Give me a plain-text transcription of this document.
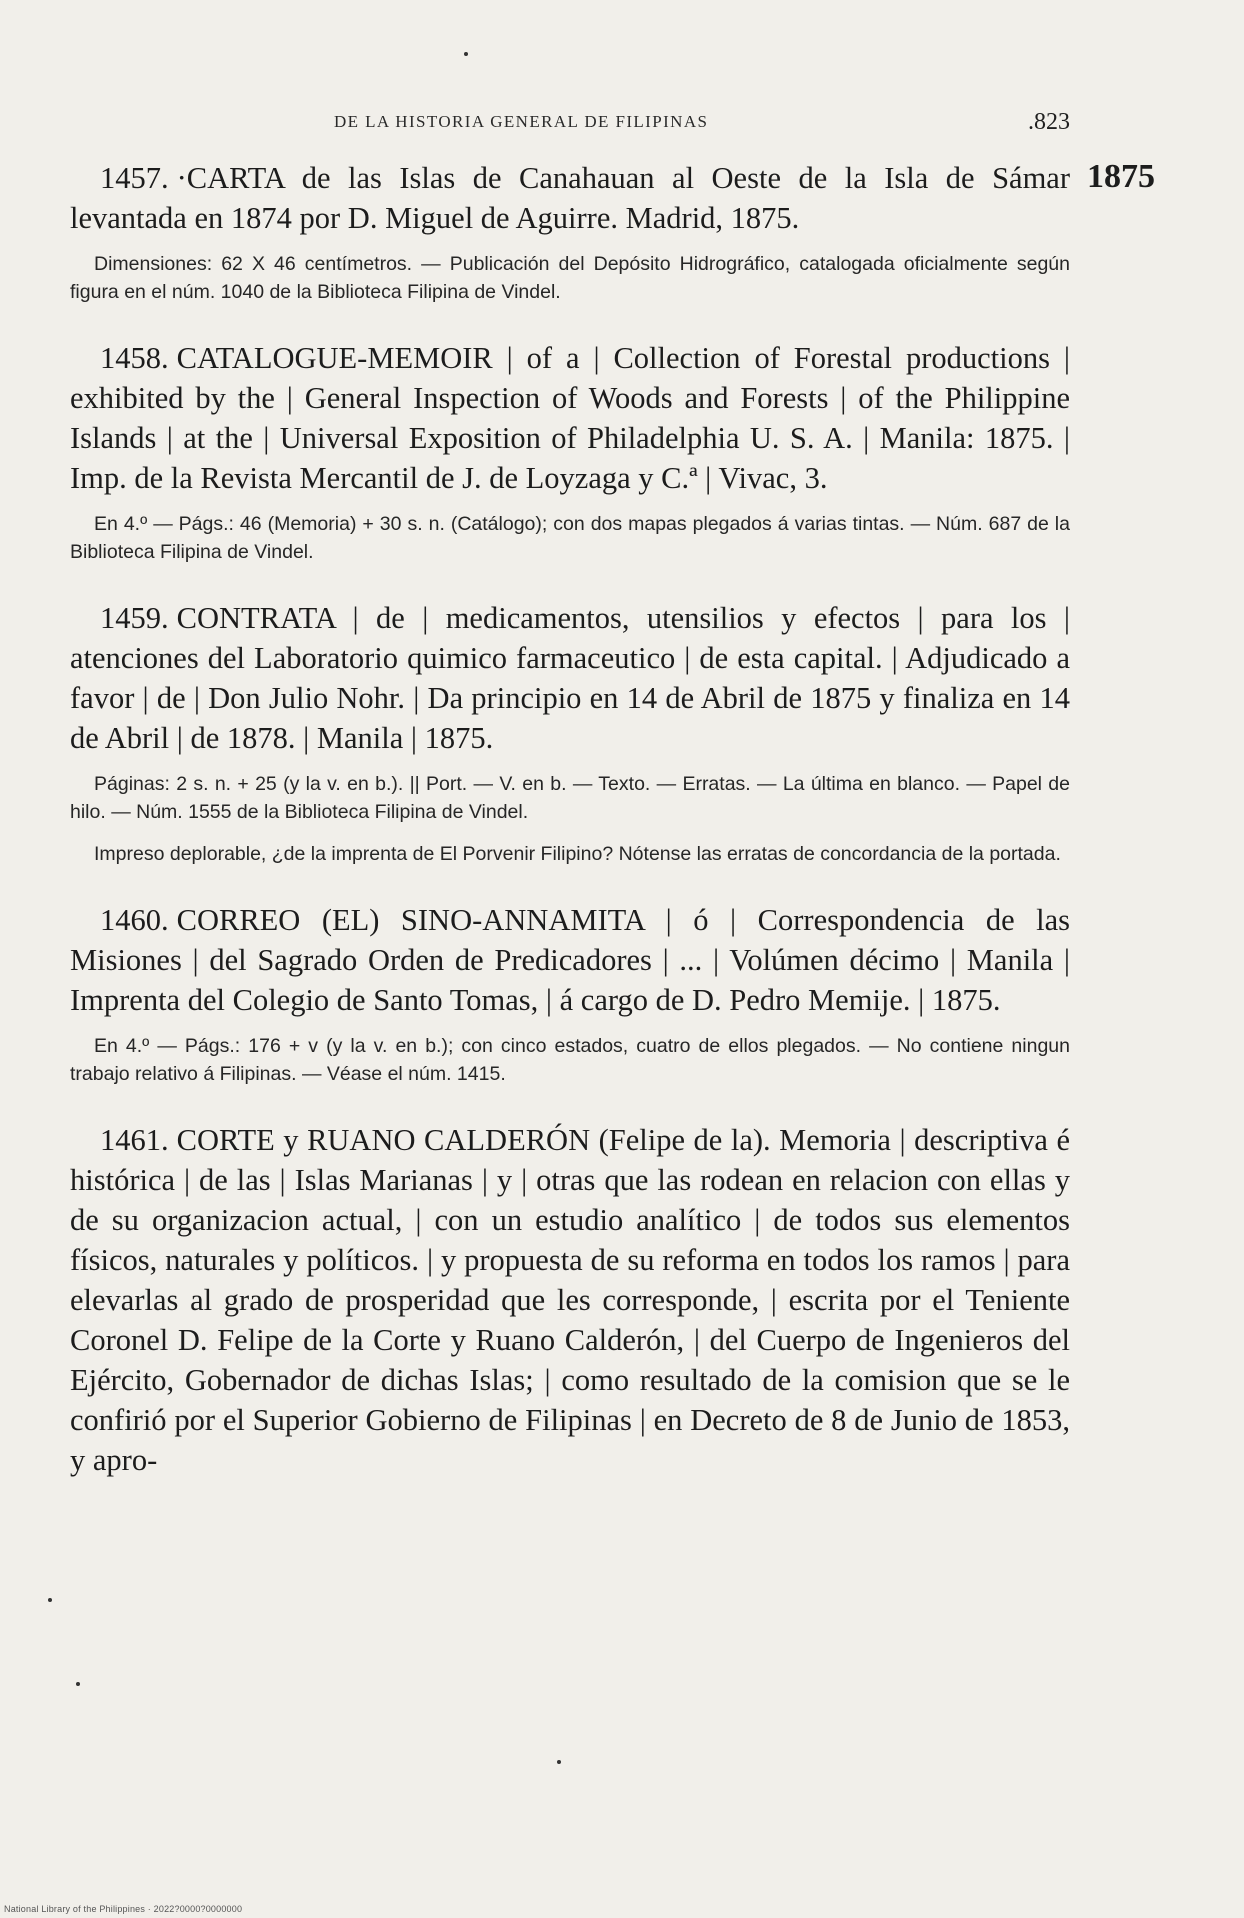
DE LA HISTORIA GENERAL DE FILIPINAS	.823
1875

1457. ·CARTA de las Islas de Canahauan al Oeste de la Isla de Sámar levantada en 1874 por D. Miguel de Aguirre. Madrid, 1875.

Dimensiones: 62 X 46 centímetros. — Publicación del Depósito Hidrográfico, catalogada oficialmente según figura en el núm. 1040 de la Biblioteca Filipina de Vindel.

1458. CATALOGUE-MEMOIR | of a | Collection of Forestal productions | exhibited by the | General Inspection of Woods and Forests | of the Philippine Islands | at the | Universal Exposition of Philadelphia U. S. A. | Manila: 1875. | Imp. de la Revista Mercantil de J. de Loyzaga y C.ª | Vivac, 3.

En 4.º — Págs.: 46 (Memoria) + 30 s. n. (Catálogo); con dos mapas plegados á varias tintas. — Núm. 687 de la Biblioteca Filipina de Vindel.

1459. CONTRATA | de | medicamentos, utensilios y efectos | para los | atenciones del Laboratorio quimico farmaceutico | de esta capital. | Adjudicado a favor | de | Don Julio Nohr. | Da principio en 14 de Abril de 1875 y finaliza en 14 de Abril | de 1878. | Manila | 1875.

Páginas: 2 s. n. + 25 (y la v. en b.). || Port. — V. en b. — Texto. — Erratas. — La última en blanco. — Papel de hilo. — Núm. 1555 de la Biblioteca Filipina de Vindel.

Impreso deplorable, ¿de la imprenta de El Porvenir Filipino? Nótense las erratas de concordancia de la portada.

1460. CORREO (EL) SINO-ANNAMITA | ó | Correspondencia de las Misiones | del Sagrado Orden de Predicadores | ... | Volúmen décimo | Manila | Imprenta del Colegio de Santo Tomas, | á cargo de D. Pedro Memije. | 1875.

En 4.º — Págs.: 176 + v (y la v. en b.); con cinco estados, cuatro de ellos plegados. — No contiene ningun trabajo relativo á Filipinas. — Véase el núm. 1415.

1461. CORTE y RUANO CALDERÓN (Felipe de la). Memoria | descriptiva é histórica | de las | Islas Marianas | y | otras que las rodean en relacion con ellas y de su organizacion actual, | con un estudio analítico | de todos sus elementos físicos, naturales y políticos. | y propuesta de su reforma en todos los ramos | para elevarlas al grado de prosperidad que les corresponde, | escrita por el Teniente Coronel D. Felipe de la Corte y Ruano Calderón, | del Cuerpo de Ingenieros del Ejército, Gobernador de dichas Islas; | como resultado de la comision que se le confirió por el Superior Gobierno de Filipinas | en Decreto de 8 de Junio de 1853, y apro-

National Library of the Philippines · 2022?0000?0000000
